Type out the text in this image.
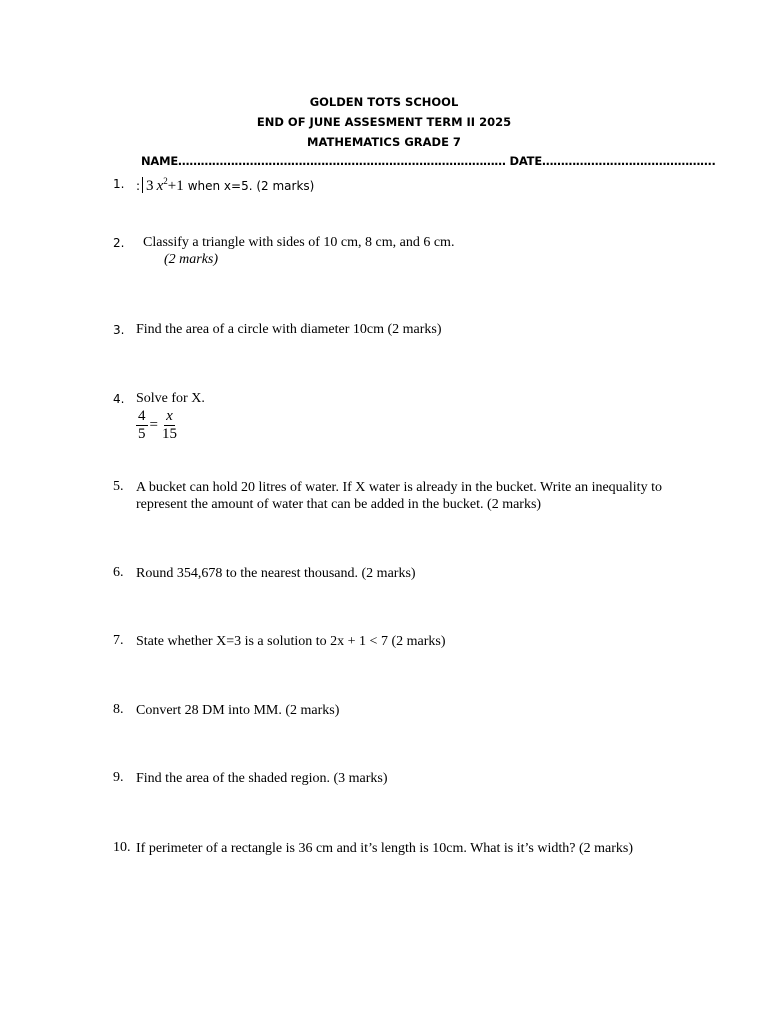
GOLDEN TOTS SCHOOL
END OF JUNE ASSESMENT TERM II 2025
MATHEMATICS GRADE 7
NAME…………………………………………………………………………… DATE……………………………………….
1. : 3  $x^2+1$ when x=5. (2 marks)
2. Classify a triangle with sides of 10 cm, 8 cm, and 6 cm.
(2 marks)
3. Find the area of a circle with diameter 10cm (2 marks)
4. Solve for X.
$\frac{4}{5} = \frac{x}{15}$
5. A bucket can hold 20 litres of water. If X water is already in the bucket. Write an inequality to represent the amount of water that can be added in the bucket. (2 marks)
6. Round 354,678 to the nearest thousand. (2 marks)
7. State whether X=3 is a solution to 2x + 1 < 7 (2 marks)
8. Convert 28 DM into MM. (2 marks)
9. Find the area of the shaded region. (3 marks)
10. If perimeter of a rectangle is 36 cm and it’s length is 10cm. What is it’s width? (2 marks)
